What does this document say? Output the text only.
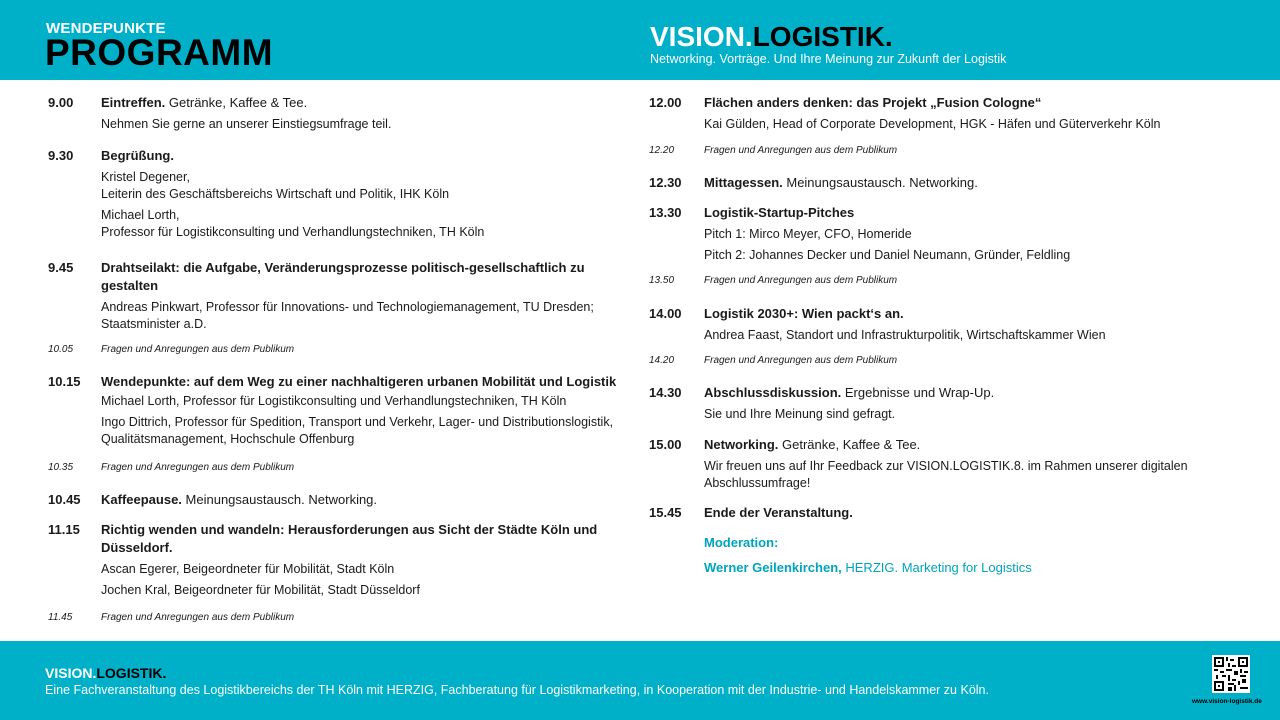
WENDEPUNKTE
PROGRAMM	VISION.LOGISTIK.
Networking. Vorträge. Und Ihre Meinung zur Zukunft der Logistik
9.00	Eintreffen. Getränke, Kaffee & Tee.
Nehmen Sie gerne an unserer Einstiegsumfrage teil.
9.30	Begrüßung.
Kristel Degener,
Leiterin des Geschäftsbereichs Wirtschaft und Politik, IHK Köln
Michael Lorth,
Professor für Logistikconsulting und Verhandlungstechniken, TH Köln
9.45	Drahtseilakt: die Aufgabe, Veränderungsprozesse politisch-gesellschaftlich zu gestalten
Andreas Pinkwart, Professor für Innovations- und Technologiemanagement, TU Dresden; Staatsminister a.D.
10.05	Fragen und Anregungen aus dem Publikum
10.15	Wendepunkte: auf dem Weg zu einer nachhaltigeren urbanen Mobilität und Logistik
Michael Lorth, Professor für Logistikconsulting und Verhandlungstechniken, TH Köln
Ingo Dittrich, Professor für Spedition, Transport und Verkehr, Lager- und Distributionslogistik, Qualitätsmanagement, Hochschule Offenburg
10.35	Fragen und Anregungen aus dem Publikum
10.45	Kaffeepause. Meinungsaustausch. Networking.
11.15	Richtig wenden und wandeln: Herausforderungen aus Sicht der Städte Köln und Düsseldorf.
Ascan Egerer, Beigeordneter für Mobilität, Stadt Köln
Jochen Kral, Beigeordneter für Mobilität, Stadt Düsseldorf
11.45	Fragen und Anregungen aus dem Publikum
12.00	Flächen anders denken: das Projekt „Fusion Cologne“
Kai Gülden, Head of Corporate Development, HGK - Häfen und Güterverkehr Köln
12.20	Fragen und Anregungen aus dem Publikum
12.30	Mittagessen. Meinungsaustausch. Networking.
13.30	Logistik-Startup-Pitches
Pitch 1: Mirco Meyer, CFO, Homeride
Pitch 2: Johannes Decker und Daniel Neumann, Gründer, Feldling
13.50	Fragen und Anregungen aus dem Publikum
14.00	Logistik 2030+: Wien packt‘s an.
Andrea Faast, Standort und Infrastrukturpolitik, Wirtschaftskammer Wien
14.20	Fragen und Anregungen aus dem Publikum
14.30	Abschlussdiskussion. Ergebnisse und Wrap-Up.
Sie und Ihre Meinung sind gefragt.
15.00	Networking. Getränke, Kaffee & Tee.
Wir freuen uns auf Ihr Feedback zur VISION.LOGISTIK.8. im Rahmen unserer digitalen Abschlussumfrage!
15.45	Ende der Veranstaltung.
Moderation:
Werner Geilenkirchen, HERZIG. Marketing for Logistics
VISION.LOGISTIK.
Eine Fachveranstaltung des Logistikbereichs der TH Köln mit HERZIG, Fachberatung für Logistikmarketing, in Kooperation mit der Industrie- und Handelskammer zu Köln.
www.vision-logistik.de
